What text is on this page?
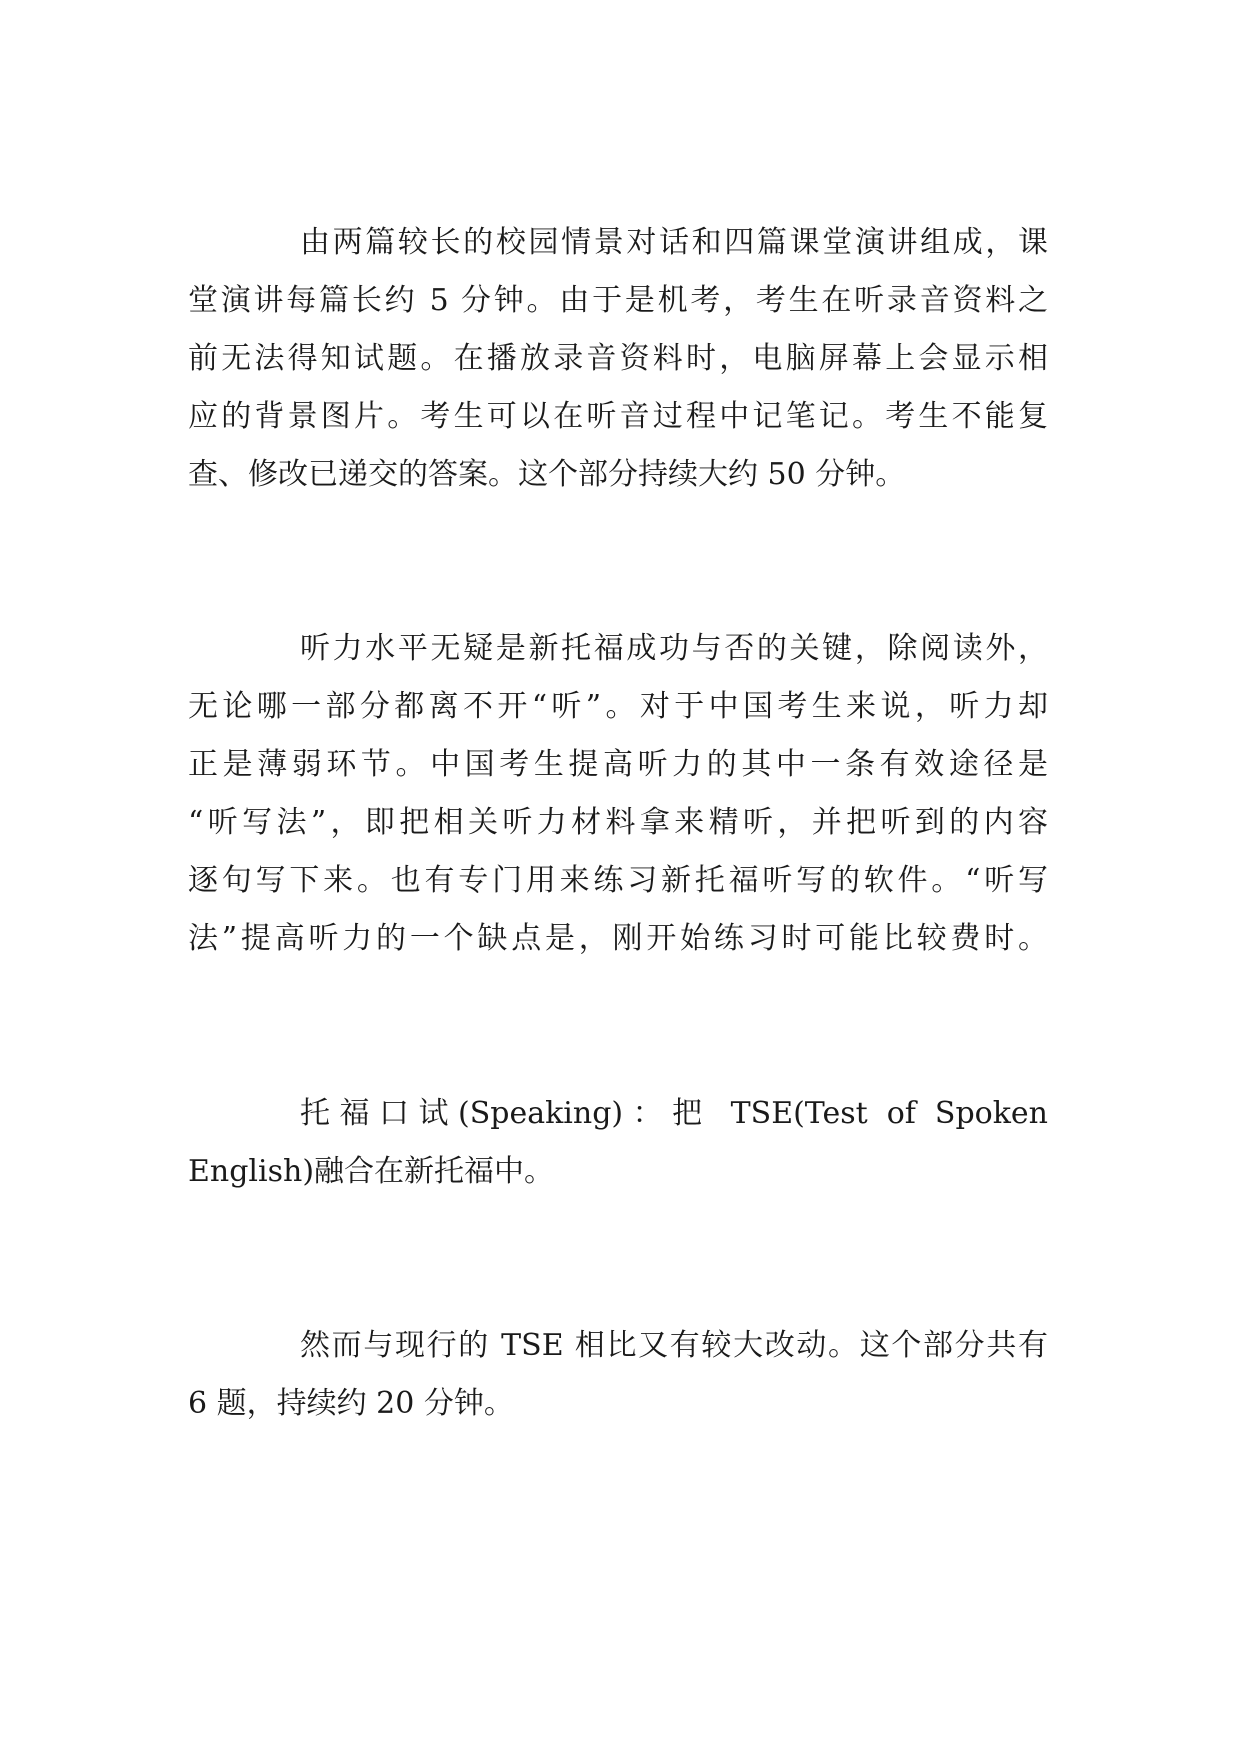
由两篇较长的校园情景对话和四篇课堂演讲组成，课
堂演讲每篇长约 5 分钟。由于是机考，考生在听录音资料之
前无法得知试题。在播放录音资料时，电脑屏幕上会显示相
应的背景图片。考生可以在听音过程中记笔记。考生不能复
查、修改已递交的答案。这个部分持续大约 50 分钟。
听力水平无疑是新托福成功与否的关键，除阅读外，
无论哪一部分都离不开“听”。对于中国考生来说，听力却
正是薄弱环节。中国考生提高听力的其中一条有效途径是
“听写法”，即把相关听力材料拿来精听，并把听到的内容
逐句写下来。也有专门用来练习新托福听写的软件。“听写
法”提高听力的一个缺点是，刚开始练习时可能比较费时。
托福口试(Speaking)：把 TSE(Test of Spoken
English)融合在新托福中。
然而与现行的 TSE 相比又有较大改动。这个部分共有
6 题，持续约 20 分钟。
